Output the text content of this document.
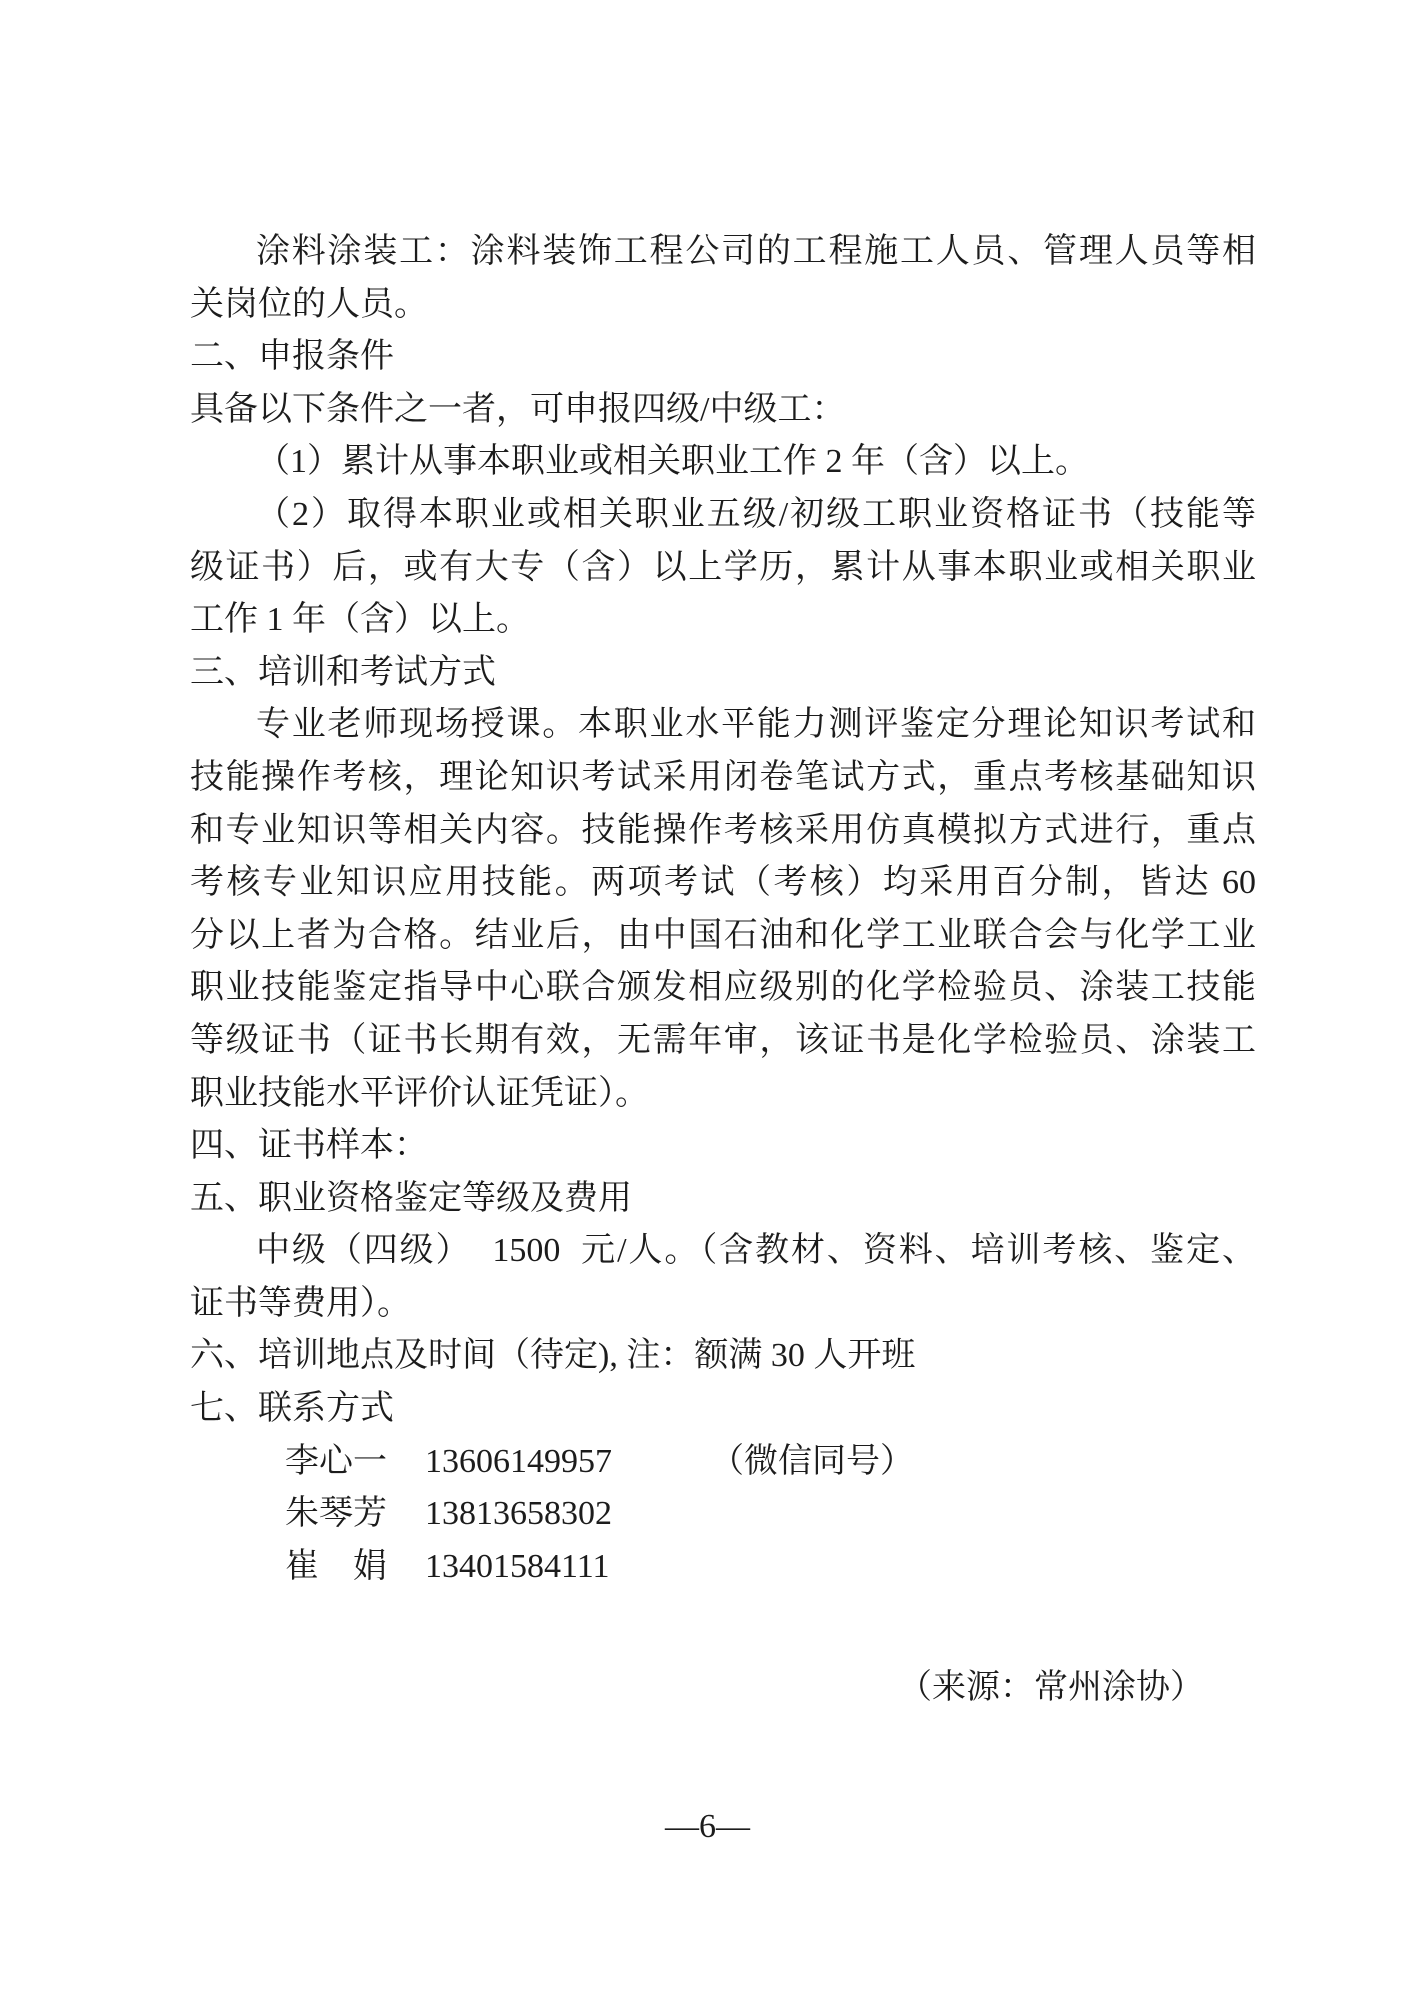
涂料涂装工：涂料装饰工程公司的工程施工人员、管理人员等相
关岗位的人员。
二、申报条件
具备以下条件之一者，可申报四级/中级工：
（1）累计从事本职业或相关职业工作 2 年（含）以上。
（2）取得本职业或相关职业五级/初级工职业资格证书（技能等
级证书）后，或有大专（含）以上学历，累计从事本职业或相关职业
工作 1 年（含）以上。
三、培训和考试方式
专业老师现场授课。本职业水平能力测评鉴定分理论知识考试和
技能操作考核，理论知识考试采用闭卷笔试方式，重点考核基础知识
和专业知识等相关内容。技能操作考核采用仿真模拟方式进行，重点
考核专业知识应用技能。两项考试（考核）均采用百分制，皆达 60
分以上者为合格。结业后，由中国石油和化学工业联合会与化学工业
职业技能鉴定指导中心联合颁发相应级别的化学检验员、涂装工技能
等级证书（证书长期有效，无需年审，该证书是化学检验员、涂装工
职业技能水平评价认证凭证）。
四、证书样本：
五、职业资格鉴定等级及费用
中级（四级）  1500  元/人。（含教材、资料、培训考核、鉴定、
证书等费用）。
六、培训地点及时间（待定), 注：额满 30 人开班
七、联系方式
李心一 13606149957	（微信同号）
朱琴芳 13813658302
崔　娟 13401584111
（来源：常州涂协）
—6—
